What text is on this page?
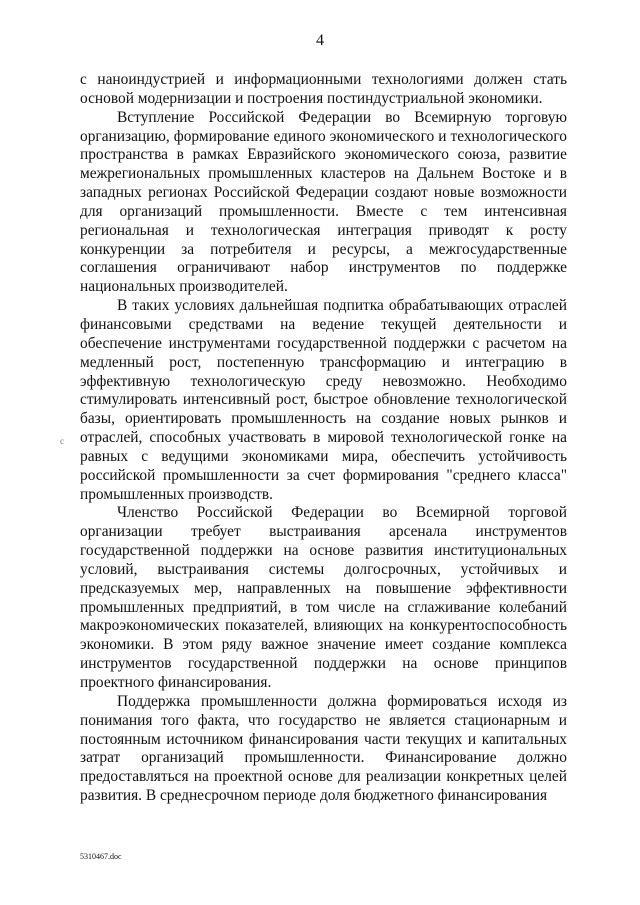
4
с

с наноиндустрией и информационными технологиями должен стать основой модернизации и построения постиндустриальной экономики.

Вступление Российской Федерации во Всемирную торговую организацию, формирование единого экономического и технологического пространства в рамках Евразийского экономического союза, развитие межрегиональных промышленных кластеров на Дальнем Востоке и в западных регионах Российской Федерации создают новые возможности для организаций промышленности. Вместе с тем интенсивная региональная и технологическая интеграция приводят к росту конкуренции за потребителя и ресурсы, а межгосударственные соглашения ограничивают набор инструментов по поддержке национальных производителей.

В таких условиях дальнейшая подпитка обрабатывающих отраслей финансовыми средствами на ведение текущей деятельности и обеспечение инструментами государственной поддержки с расчетом на медленный рост, постепенную трансформацию и интеграцию в эффективную технологическую среду невозможно. Необходимо стимулировать интенсивный рост, быстрое обновление технологической базы, ориентировать промышленность на создание новых рынков и отраслей, способных участвовать в мировой технологической гонке на равных с ведущими экономиками мира, обеспечить устойчивость российской промышленности за счет формирования "среднего класса" промышленных производств.

Членство Российской Федерации во Всемирной торговой организации требует выстраивания арсенала инструментов государственной поддержки на основе развития институциональных условий, выстраивания системы долгосрочных, устойчивых и предсказуемых мер, направленных на повышение эффективности промышленных предприятий, в том числе на сглаживание колебаний макроэкономических показателей, влияющих на конкурентоспособность экономики. В этом ряду важное значение имеет создание комплекса инструментов государственной поддержки на основе принципов проектного финансирования.

Поддержка промышленности должна формироваться исходя из понимания того факта, что государство не является стационарным и постоянным источником финансирования части текущих и капитальных затрат организаций промышленности. Финансирование должно предоставляться на проектной основе для реализации конкретных целей развития. В среднесрочном периоде доля бюджетного финансирования

5310467.doc
